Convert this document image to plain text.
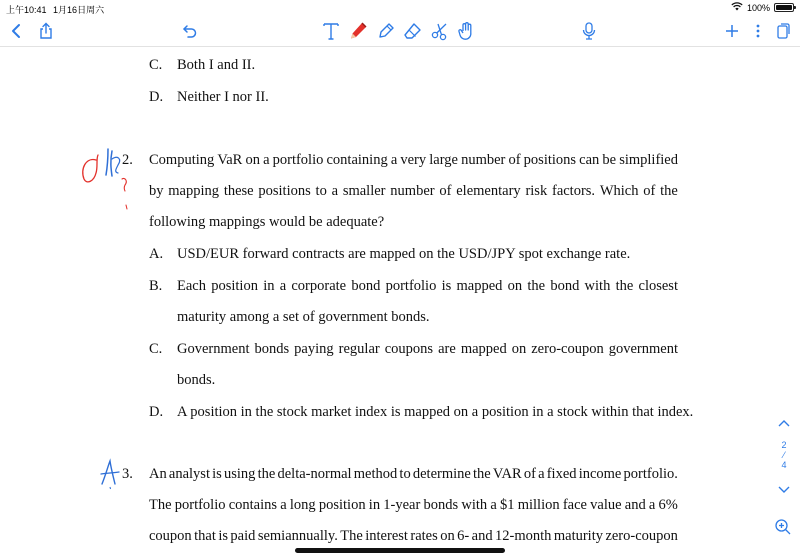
上午10:41 1月16日周六	100%
C. Both I and II.
D. Neither I nor II.
2. Computing VaR on a portfolio containing a very large number of positions can be simplified
by mapping these positions to a smaller number of elementary risk factors. Which of the
following mappings would be adequate?
A. USD/EUR forward contracts are mapped on the USD/JPY spot exchange rate.
B. Each position in a corporate bond portfolio is mapped on the bond with the closest
maturity among a set of government bonds.
C. Government bonds paying regular coupons are mapped on zero-coupon government
bonds.
D. A position in the stock market index is mapped on a position in a stock within that index.
3. An analyst is using the delta-normal method to determine the VAR of a fixed income portfolio.
The portfolio contains a long position in 1-year bonds with a $1 million face value and a 6%
coupon that is paid semiannually. The interest rates on 6- and 12-month maturity zero-coupon
2
⁄
4
